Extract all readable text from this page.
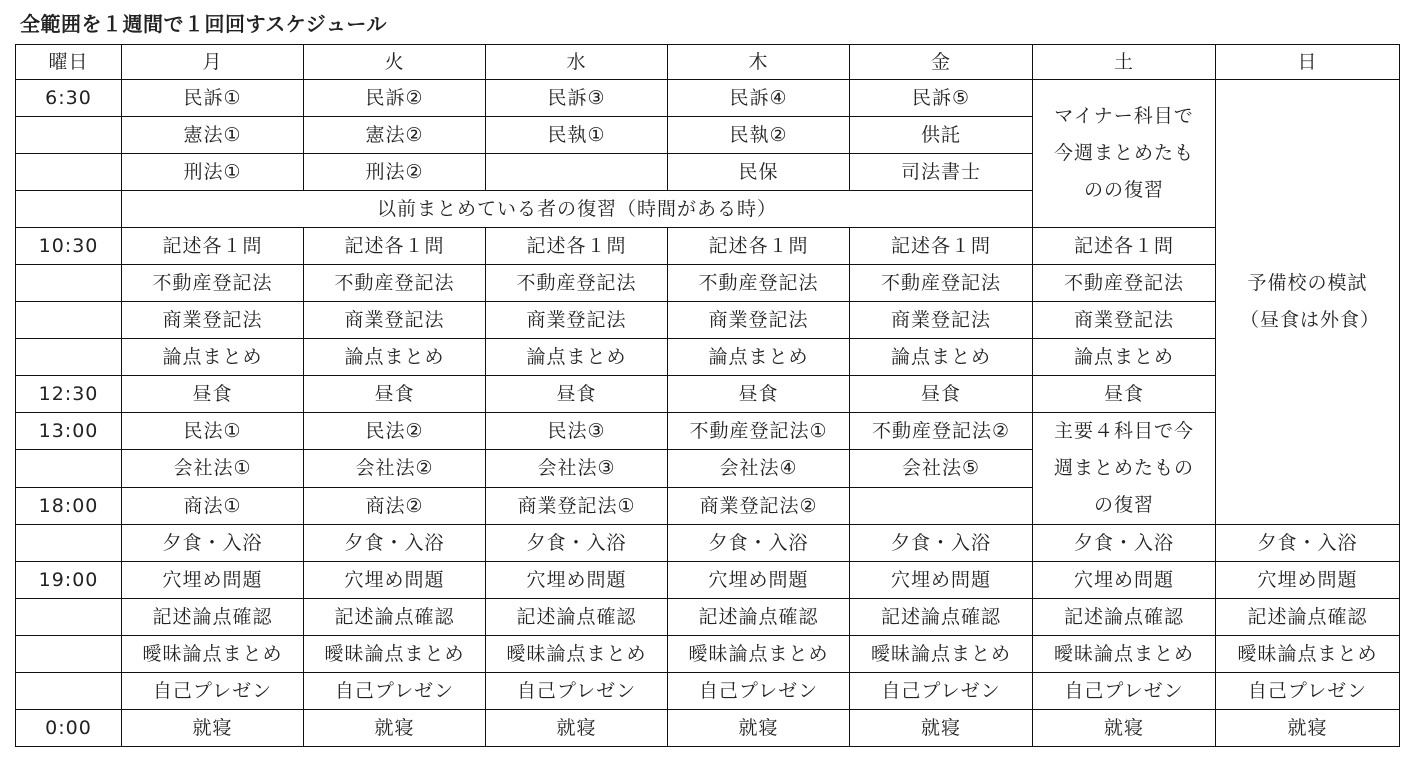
全範囲を１週間で１回回すスケジュール
曜日	月	火	水	木	金	土	日
6:30	民訴①	民訴②	民訴③	民訴④	民訴⑤	マイナー科目で今週まとめたものの復習	予備校の模試（昼食は外食）
	憲法①	憲法②	民執①	民執②	供託		
	刑法①	刑法②		民保	司法書士		
	以前まとめている者の復習（時間がある時）						
10:30	記述各１問	記述各１問	記述各１問	記述各１問	記述各１問	記述各１問	
	不動産登記法	不動産登記法	不動産登記法	不動産登記法	不動産登記法	不動産登記法	
	商業登記法	商業登記法	商業登記法	商業登記法	商業登記法	商業登記法	
	論点まとめ	論点まとめ	論点まとめ	論点まとめ	論点まとめ	論点まとめ	
12:30	昼食	昼食	昼食	昼食	昼食	昼食	
13:00	民法①	民法②	民法③	不動産登記法①	不動産登記法②	主要４科目で今週まとめたものの復習	
	会社法①	会社法②	会社法③	会社法④	会社法⑤		
18:00	商法①	商法②	商業登記法①	商業登記法②			
	夕食・入浴	夕食・入浴	夕食・入浴	夕食・入浴	夕食・入浴	夕食・入浴	夕食・入浴
19:00	穴埋め問題	穴埋め問題	穴埋め問題	穴埋め問題	穴埋め問題	穴埋め問題	穴埋め問題
	記述論点確認	記述論点確認	記述論点確認	記述論点確認	記述論点確認	記述論点確認	記述論点確認
	曖昧論点まとめ	曖昧論点まとめ	曖昧論点まとめ	曖昧論点まとめ	曖昧論点まとめ	曖昧論点まとめ	曖昧論点まとめ
	自己プレゼン	自己プレゼン	自己プレゼン	自己プレゼン	自己プレゼン	自己プレゼン	自己プレゼン
0:00	就寝	就寝	就寝	就寝	就寝	就寝	就寝
